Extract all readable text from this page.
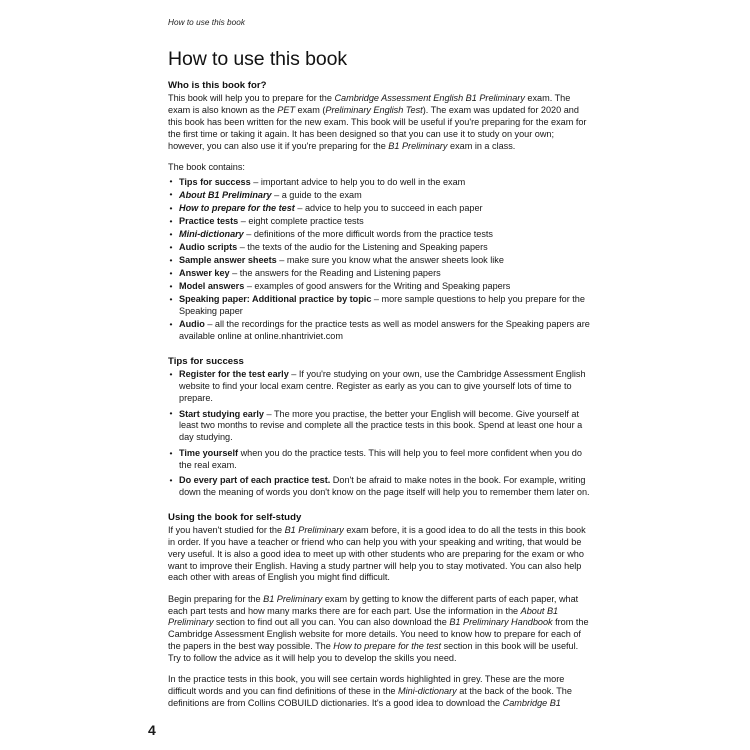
How to use this book
How to use this book
Who is this book for?

This book will help you to prepare for the Cambridge Assessment English B1 Preliminary exam. The exam is also known as the PET exam (Preliminary English Test). The exam was updated for 2020 and this book has been written for the new exam. This book will be useful if you're preparing for the exam for the first time or taking it again. It has been designed so that you can use it to study on your own; however, you can also use it if you're preparing for the B1 Preliminary exam in a class.

The book contains:

• Tips for success – important advice to help you to do well in the exam
• About B1 Preliminary – a guide to the exam
• How to prepare for the test – advice to help you to succeed in each paper
• Practice tests – eight complete practice tests
• Mini-dictionary – definitions of the more difficult words from the practice tests
• Audio scripts – the texts of the audio for the Listening and Speaking papers
• Sample answer sheets – make sure you know what the answer sheets look like
• Answer key – the answers for the Reading and Listening papers
• Model answers – examples of good answers for the Writing and Speaking papers
• Speaking paper: Additional practice by topic – more sample questions to help you prepare for the Speaking paper
• Audio – all the recordings for the practice tests as well as model answers for the Speaking papers are available online at online.nhantriviet.com
Tips for success
• Register for the test early – If you're studying on your own, use the Cambridge Assessment English website to find your local exam centre. Register as early as you can to give yourself lots of time to prepare.
• Start studying early – The more you practise, the better your English will become. Give yourself at least two months to revise and complete all the practice tests in this book. Spend at least one hour a day studying.
• Time yourself when you do the practice tests. This will help you to feel more confident when you do the real exam.
• Do every part of each practice test. Don't be afraid to make notes in the book. For example, writing down the meaning of words you don't know on the page itself will help you to remember them later on.
Using the book for self-study

If you haven't studied for the B1 Preliminary exam before, it is a good idea to do all the tests in this book in order. If you have a teacher or friend who can help you with your speaking and writing, that would be very useful. It is also a good idea to meet up with other students who are preparing for the exam or who want to improve their English. Having a study partner will help you to stay motivated. You can also help each other with areas of English you might find difficult.

Begin preparing for the B1 Preliminary exam by getting to know the different parts of each paper, what each part tests and how many marks there are for each part. Use the information in the About B1 Preliminary section to find out all you can. You can also download the B1 Preliminary Handbook from the Cambridge Assessment English website for more details. You need to know how to prepare for each of the papers in the best way possible. The How to prepare for the test section in this book will be useful. Try to follow the advice as it will help you to develop the skills you need.

In the practice tests in this book, you will see certain words highlighted in grey. These are the more difficult words and you can find definitions of these in the Mini-dictionary at the back of the book. The definitions are from Collins COBUILD dictionaries. It's a good idea to download the Cambridge B1

4
